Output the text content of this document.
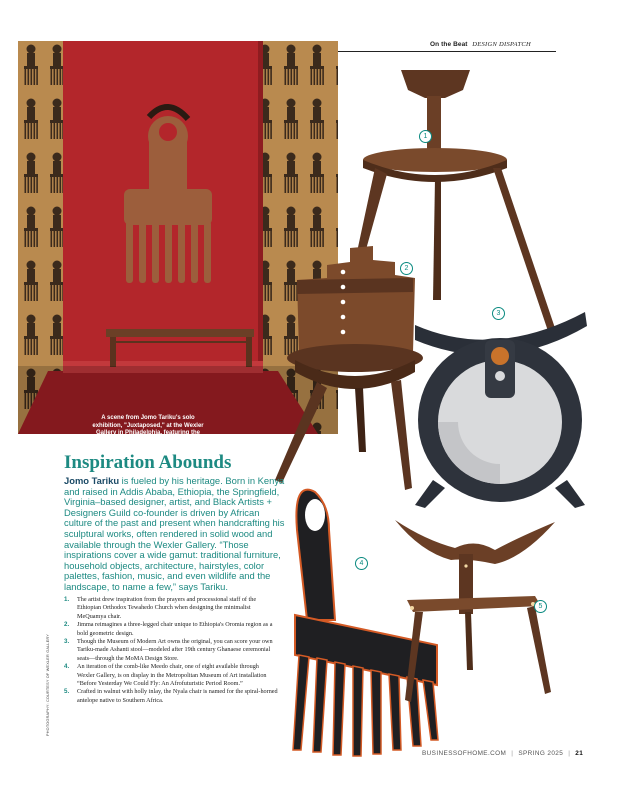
On the Beat DESIGN DISPATCH
A scene from Jomo Tariku's solo exhibition, "Juxtaposed," at the Wexler Gallery in Philadelphia, featuring the Meedo bench and wallpaper.
1
2
3
4
5
Inspiration Abounds

Jomo Tariku is fueled by his heritage. Born in Kenya and raised in Addis Ababa, Ethiopia, the Springfield, Virginia–based designer, artist, and Black Artists + Designers Guild co-founder is driven by African culture of the past and present when handcrafting his sculptural works, often rendered in solid wood and available through the Wexler Gallery. “Those inspirations cover a wide gamut: traditional furniture, household objects, architecture, hairstyles, color palettes, fashion, music, and even wildlife and the landscape, to name a few,” says Tariku.

1. The artist drew inspiration from the prayers and processional staff of the Ethiopian Orthodox Tewahedo Church when designing the minimalist MeQuamya chair.
2. Jimma reimagines a three-legged chair unique to Ethiopia's Oromia region as a bold geometric design.
3. Though the Museum of Modern Art owns the original, you can score your own Tariku-made Ashanti stool—modeled after 19th century Ghanaese ceremonial seats—through the MoMA Design Store.
4. An iteration of the comb-like Meedo chair, one of eight available through Wexler Gallery, is on display in the Metropolitan Museum of Art installation “Before Yesterday We Could Fly: An Afrofuturistic Period Room.”
5. Crafted in walnut with holly inlay, the Nyala chair is named for the spiral-horned antelope native to Southern Africa.
PHOTOGRAPHY: COURTESY OF WEXLER GALLERY
BUSINESSOFHOME.COM | SPRING 2025 | 21
